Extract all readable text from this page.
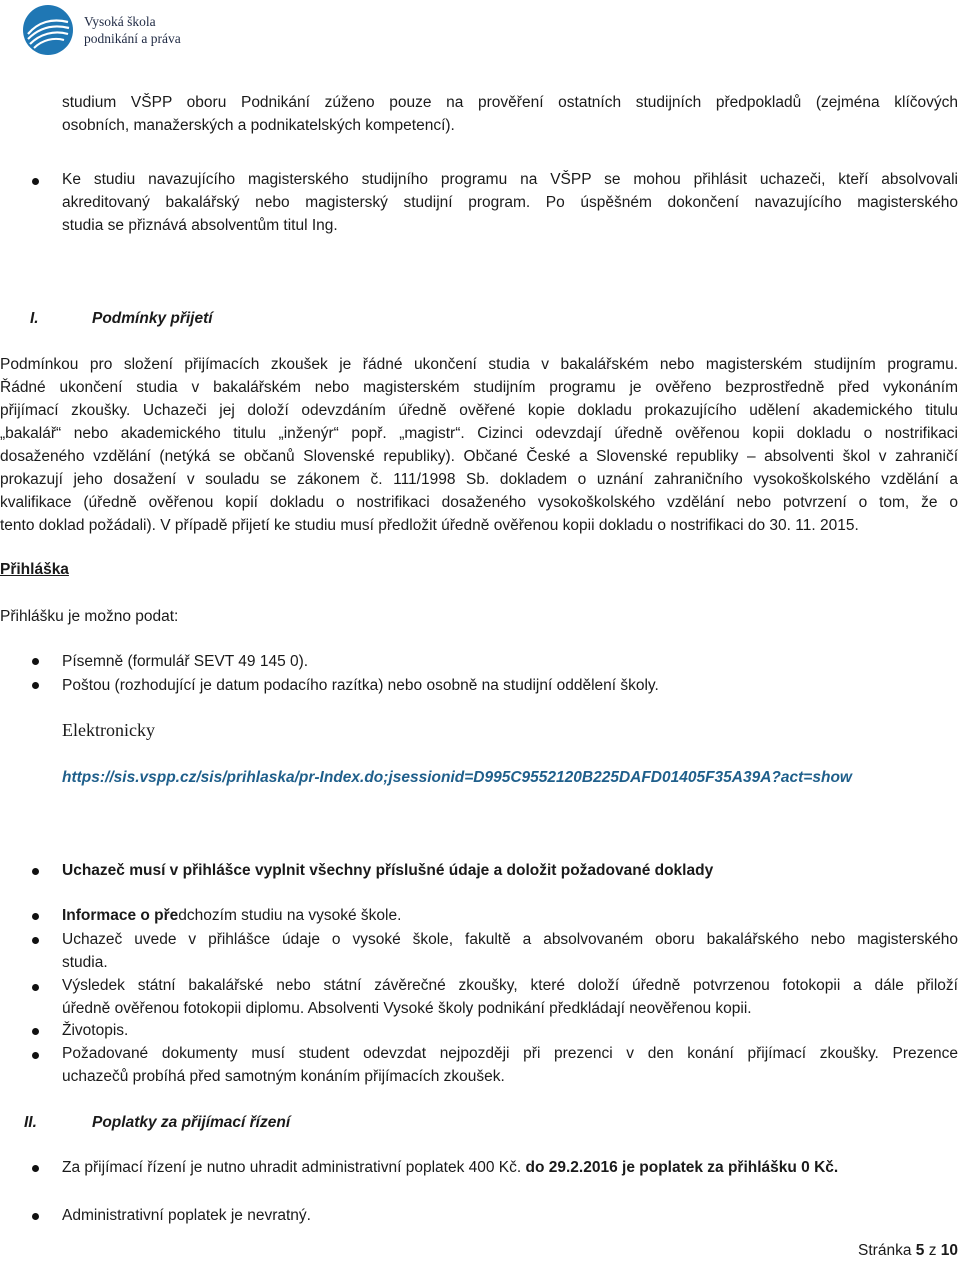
Vysoká škola
podnikání a práva
studium VŠPP oboru Podnikání zúženo pouze na prověření ostatních studijních předpokladů (zejména klíčových
osobních, manažerských a podnikatelských kompetencí).
Ke studiu navazujícího magisterského studijního programu na VŠPP se mohou přihlásit uchazeči, kteří absolvovali
akreditovaný bakalářský nebo magisterský studijní program. Po úspěšném dokončení navazujícího magisterského
studia se přiznává absolventům titul Ing.
I.	Podmínky přijetí
Podmínkou pro složení přijímacích zkoušek je řádné ukončení studia v bakalářském nebo magisterském studijním programu.
Řádné ukončení studia v bakalářském nebo magisterském studijním programu je ověřeno bezprostředně před vykonáním
přijímací zkoušky. Uchazeči jej doloží odevzdáním úředně ověřené kopie dokladu prokazujícího udělení akademického titulu
„bakalář“ nebo akademického titulu „inženýr“ popř. „magistr“. Cizinci odevzdají úředně ověřenou kopii dokladu o nostrifikaci
dosaženého vzdělání (netýká se občanů Slovenské republiky). Občané České a Slovenské republiky – absolventi škol v zahraničí
prokazují jeho dosažení v souladu se zákonem č. 111/1998 Sb. dokladem o uznání zahraničního vysokoškolského vzdělání a
kvalifikace (úředně ověřenou kopií dokladu o nostrifikaci dosaženého vysokoškolského vzdělání nebo potvrzení o tom, že o
tento doklad požádali). V případě přijetí ke studiu musí předložit úředně ověřenou kopii dokladu o nostrifikaci do 30. 11. 2015.
Přihláška
Přihlášku je možno podat:
Písemně (formulář SEVT 49 145 0).
Poštou (rozhodující je datum podacího razítka) nebo osobně na studijní oddělení školy.
Elektronicky
https://sis.vspp.cz/sis/prihlaska/pr-Index.do;jsessionid=D995C9552120B225DAFD01405F35A39A?act=show
Uchazeč musí v přihlášce vyplnit všechny příslušné údaje a doložit požadované doklady
Informace o předchozím studiu na vysoké škole.
Uchazeč uvede v přihlášce údaje o vysoké škole, fakultě a absolvovaném oboru bakalářského nebo magisterského
studia.
Výsledek státní bakalářské nebo státní závěrečné zkoušky, které doloží úředně potvrzenou fotokopii a dále přiloží
úředně ověřenou fotokopii diplomu. Absolventi Vysoké školy podnikání předkládají neověřenou kopii.
Životopis.
Požadované dokumenty musí student odevzdat nejpozději při prezenci v den konání přijímací zkoušky. Prezence
uchazečů probíhá před samotným konáním přijímacích zkoušek.
II.	Poplatky za přijímací řízení
Za přijímací řízení je nutno uhradit administrativní poplatek 400 Kč. do 29.2.2016 je poplatek za přihlášku 0 Kč.
Administrativní poplatek je nevratný.
Stránka 5 z 10
